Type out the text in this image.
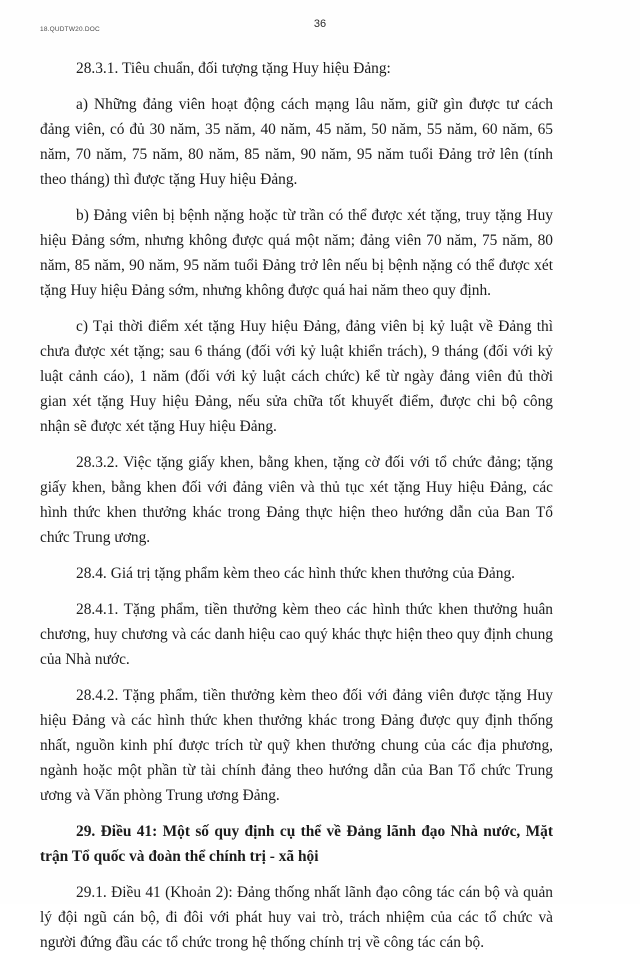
18.QUDTW20.DOC	36

28.3.1. Tiêu chuẩn, đối tượng tặng Huy hiệu Đảng:

a) Những đảng viên hoạt động cách mạng lâu năm, giữ gìn được tư cách đảng viên, có đủ 30 năm, 35 năm, 40 năm, 45 năm, 50 năm, 55 năm, 60 năm, 65 năm, 70 năm, 75 năm, 80 năm, 85 năm, 90 năm, 95 năm tuổi Đảng trở lên (tính theo tháng) thì được tặng Huy hiệu Đảng.

b) Đảng viên bị bệnh nặng hoặc từ trần có thể được xét tặng, truy tặng Huy hiệu Đảng sớm, nhưng không được quá một năm; đảng viên 70 năm, 75 năm, 80 năm, 85 năm, 90 năm, 95 năm tuổi Đảng trở lên nếu bị bệnh nặng có thể được xét tặng Huy hiệu Đảng sớm, nhưng không được quá hai năm theo quy định.

c) Tại thời điểm xét tặng Huy hiệu Đảng, đảng viên bị kỷ luật về Đảng thì chưa được xét tặng; sau 6 tháng (đối với kỷ luật khiển trách), 9 tháng (đối với kỷ luật cảnh cáo), 1 năm (đối với kỷ luật cách chức) kể từ ngày đảng viên đủ thời gian xét tặng Huy hiệu Đảng, nếu sửa chữa tốt khuyết điểm, được chi bộ công nhận sẽ được xét tặng Huy hiệu Đảng.

28.3.2. Việc tặng giấy khen, bằng khen, tặng cờ đối với tổ chức đảng; tặng giấy khen, bằng khen đối với đảng viên và thủ tục xét tặng Huy hiệu Đảng, các hình thức khen thưởng khác trong Đảng thực hiện theo hướng dẫn của Ban Tổ chức Trung ương.

28.4. Giá trị tặng phẩm kèm theo các hình thức khen thưởng của Đảng.

28.4.1. Tặng phẩm, tiền thưởng kèm theo các hình thức khen thưởng huân chương, huy chương và các danh hiệu cao quý khác thực hiện theo quy định chung của Nhà nước.

28.4.2. Tặng phẩm, tiền thưởng kèm theo đối với đảng viên được tặng Huy hiệu Đảng và các hình thức khen thưởng khác trong Đảng được quy định thống nhất, nguồn kinh phí được trích từ quỹ khen thưởng chung của các địa phương, ngành hoặc một phần từ tài chính đảng theo hướng dẫn của Ban Tổ chức Trung ương và Văn phòng Trung ương Đảng.

29. Điều 41: Một số quy định cụ thể về Đảng lãnh đạo Nhà nước, Mặt trận Tổ quốc và đoàn thể chính trị - xã hội

29.1. Điều 41 (Khoản 2): Đảng thống nhất lãnh đạo công tác cán bộ và quản lý đội ngũ cán bộ, đi đôi với phát huy vai trò, trách nhiệm của các tổ chức và người đứng đầu các tổ chức trong hệ thống chính trị về công tác cán bộ.
